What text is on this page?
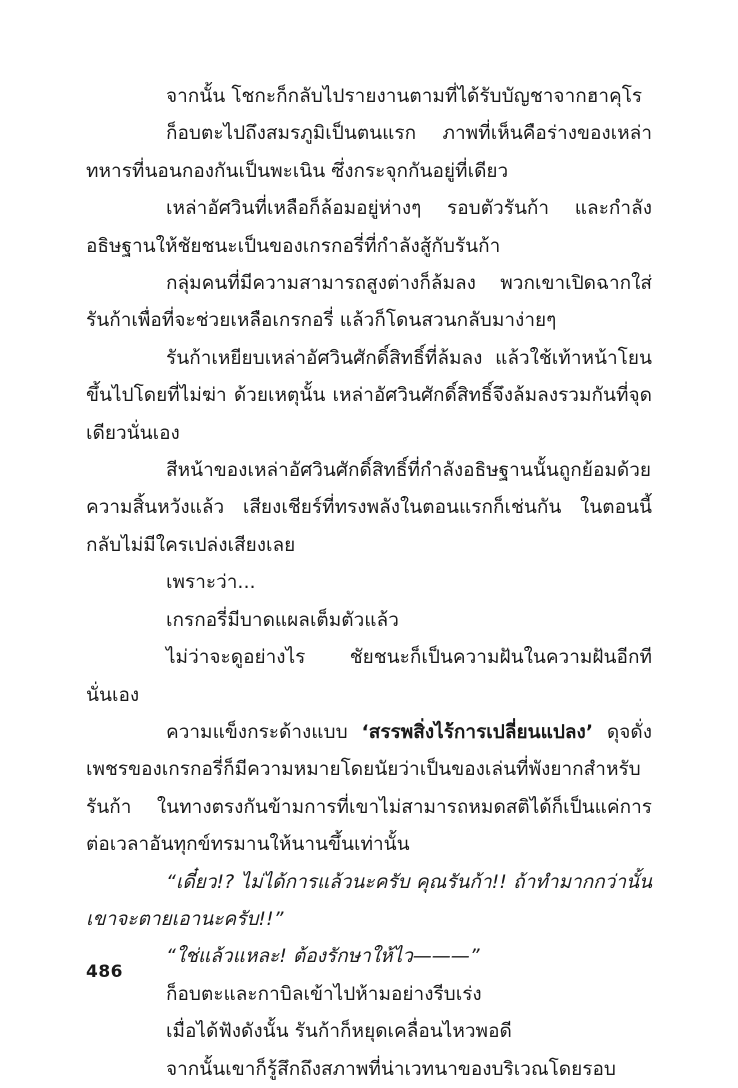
จากนั้น โชกะก็กลับไปรายงานตามที่ได้รับบัญชาจากฮาคุโร

ก็อบตะไปถึงสมรภูมิเป็นตนแรก ภาพที่เห็นคือร่างของเหล่าทหารที่นอนกองกันเป็นพะเนิน ซึ่งกระจุกกันอยู่ที่เดียว

เหล่าอัศวินที่เหลือก็ล้อมอยู่ห่างๆ รอบตัวรันก้า และกำลังอธิษฐานให้ชัยชนะเป็นของเกรกอรี่ที่กำลังสู้กับรันก้า

กลุ่มคนที่มีความสามารถสูงต่างก็ล้มลง พวกเขาเปิดฉากใส่รันก้าเพื่อที่จะช่วยเหลือเกรกอรี่ แล้วก็โดนสวนกลับมาง่ายๆ

รันก้าเหยียบเหล่าอัศวินศักดิ์สิทธิ์ที่ล้มลง แล้วใช้เท้าหน้าโยนขึ้นไปโดยที่ไม่ฆ่า ด้วยเหตุนั้น เหล่าอัศวินศักดิ์สิทธิ์จึงล้มลงรวมกันที่จุดเดียวนั่นเอง

สีหน้าของเหล่าอัศวินศักดิ์สิทธิ์ที่กำลังอธิษฐานนั้นถูกย้อมด้วยความสิ้นหวังแล้ว เสียงเชียร์ที่ทรงพลังในตอนแรกก็เช่นกัน ในตอนนี้กลับไม่มีใครเปล่งเสียงเลย

เพราะว่า...

เกรกอรี่มีบาดแผลเต็มตัวแล้ว

ไม่ว่าจะดูอย่างไร ชัยชนะก็เป็นความฝันในความฝันอีกทีนั่นเอง

ความแข็งกระด้างแบบ ‘สรรพสิ่งไร้การเปลี่ยนแปลง’ ดุจดั่งเพชรของเกรกอรี่ก็มีความหมายโดยนัยว่าเป็นของเล่นที่พังยากสำหรับรันก้า ในทางตรงกันข้ามการที่เขาไม่สามารถหมดสติได้ก็เป็นแค่การต่อเวลาอันทุกข์ทรมานให้นานขึ้นเท่านั้น

“เดี๋ยว!? ไม่ได้การแล้วนะครับ คุณรันก้า!! ถ้าทำมากกว่านั้นเขาจะตายเอานะครับ!!”

“ใช่แล้วแหละ! ต้องรักษาให้ไว———”

ก็อบตะและกาบิลเข้าไปห้ามอย่างรีบเร่ง

เมื่อได้ฟังดังนั้น รันก้าก็หยุดเคลื่อนไหวพอดี

จากนั้นเขาก็รู้สึกถึงสภาพที่น่าเวทนาของบริเวณโดยรอบ

486
